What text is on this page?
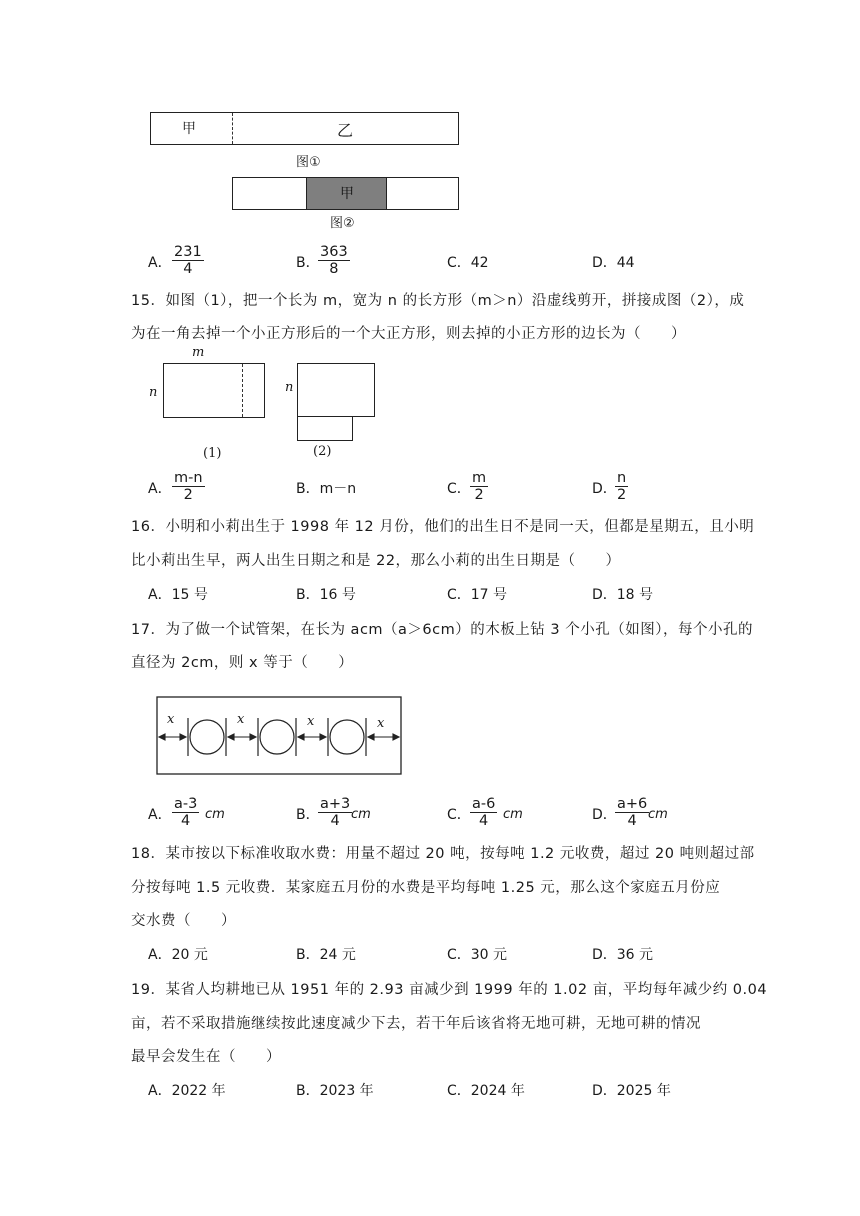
甲	乙
图①
甲
图②
A． $\frac{231}{4}$	B．
$\frac{363}{8}$	C．42	D．44
15．如图（1），把一个长为 m，宽为 n 的长方形（m＞n）沿虚线剪开，拼接成图（2），成
为在一角去掉一个小正方形后的一个大正方形，则去掉的小正方形的边长为（　　）
m
n
(1)
n
(2)
A． $\frac{m-n}{2}$	B．m－n	C． $\frac{m}{2}$	D．
$\frac{n}{2}$
16．小明和小莉出生于 1998 年 12 月份，他们的出生日不是同一天，但都是星期五，且小明
比小莉出生早，两人出生日期之和是 22，那么小莉的出生日期是（　　）
A．15 号	B．16 号	C．17 号	D．18 号
17．为了做一个试管架，在长为 acm（a＞6cm）的木板上钻 3 个小孔（如图），每个小孔的
直径为 2cm，则 x 等于（　　）
x	x	x	x
A． $\frac{a-3}{4}$ cm	B．
$\frac{a+3}{4}$
cm	C． $\frac{a-6}{4}$ cm	D．
$\frac{a+6}{4}$
cm
18．某市按以下标准收取水费：用量不超过 20 吨，按每吨 1.2 元收费，超过 20 吨则超过部
分按每吨 1.5 元收费．某家庭五月份的水费是平均每吨 1.25 元，那么这个家庭五月份应
交水费（　　）
A．20 元	B．24 元	C．30 元	D．36 元
19．某省人均耕地已从 1951 年的 2.93 亩减少到 1999 年的 1.02 亩，平均每年减少约 0.04
亩，若不采取措施继续按此速度减少下去，若干年后该省将无地可耕，无地可耕的情况
最早会发生在（　　）
A．2022 年	B．2023 年	C．2024 年	D．2025 年
